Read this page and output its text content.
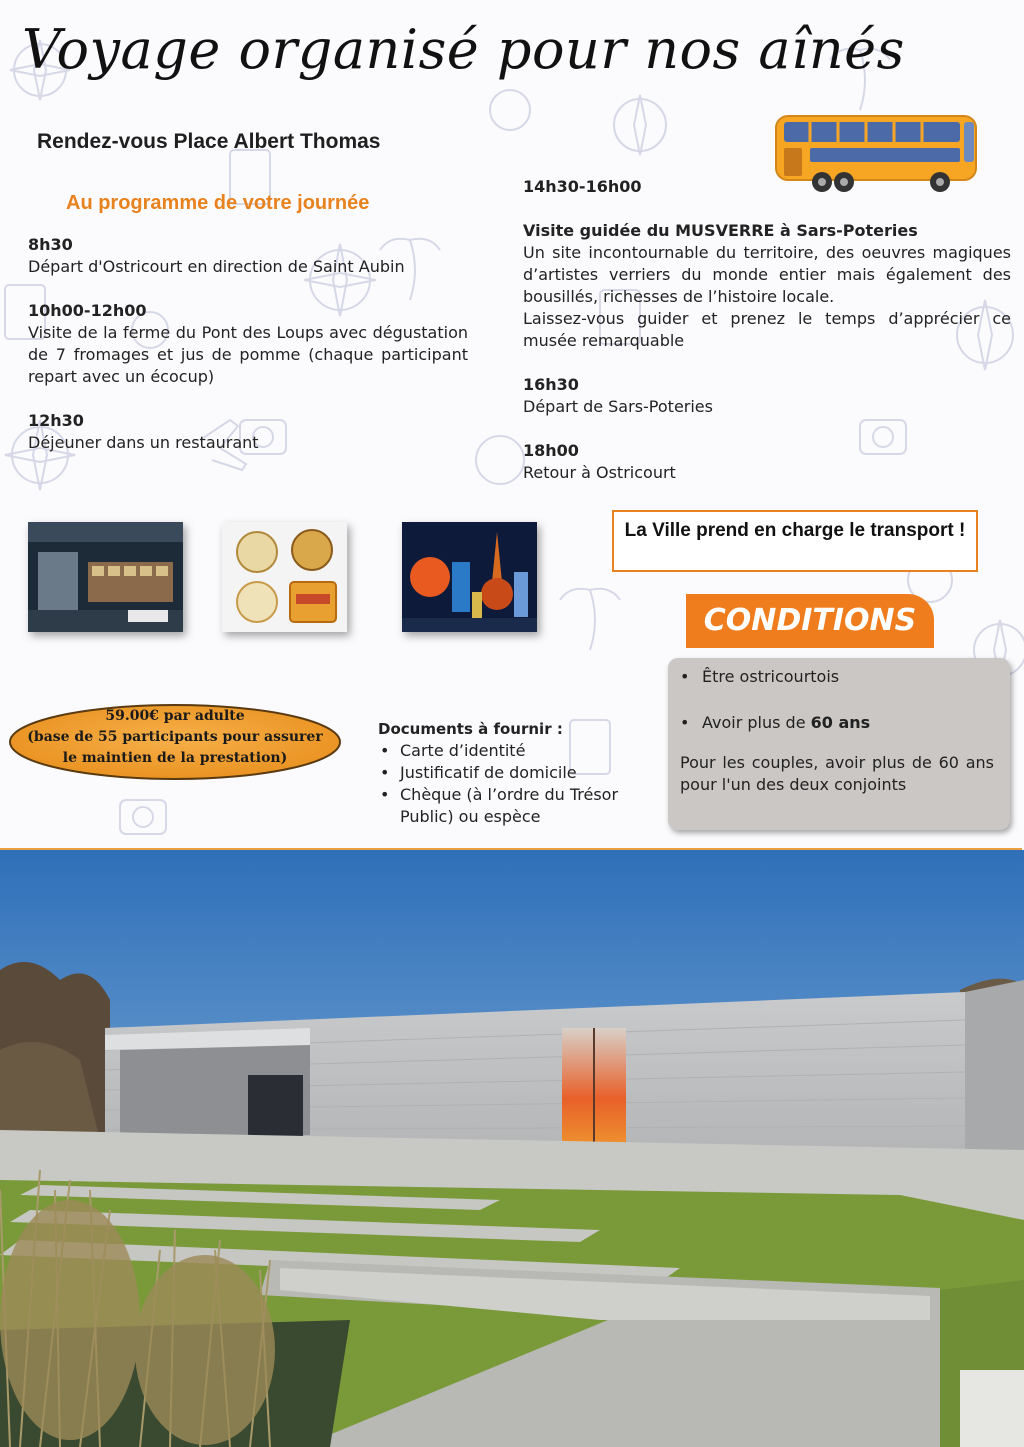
Voyage organisé pour nos aînés
Rendez-vous Place Albert Thomas
Au programme de votre journée

8h30

Départ d'Ostricourt en direction de Saint Aubin

10h00-12h00

Visite de la ferme du Pont des Loups avec dégustation de 7 fromages et jus de pomme (chaque participant repart avec un écocup)

12h30

Déjeuner dans un restaurant

14h30-16h00

Visite guidée du MUSVERRE à Sars-Poteries

Un site incontournable du territoire, des oeuvres magiques d’artistes verriers du monde entier mais également des bousillés, richesses de l’histoire locale.

Laissez-vous guider et prenez le temps d’apprécier ce musée remarquable

16h30

Départ de Sars-Poteries

18h00

Retour à Ostricourt

La Ville prend en charge le transport !
CONDITIONS
• Être ostricourtois
• Avoir plus de 60 ans
Pour les couples, avoir plus de 60 ans pour l'un des deux conjoints
59.00€ par adulte
(base de 55 participants pour assurer
le maintien de la prestation)
Documents à fournir :
• Carte d’identité
• Justificatif de domicile
• Chèque (à l’ordre du Trésor Public) ou espèce
